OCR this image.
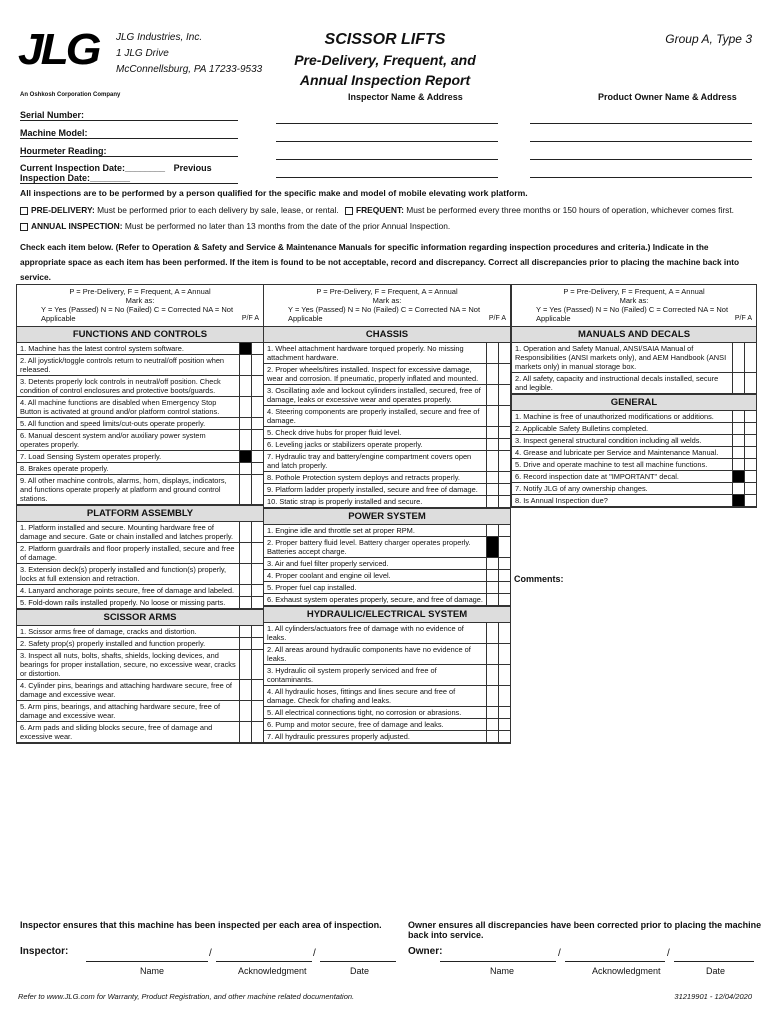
JLG
An Oshkosh Corporation Company
JLG Industries, Inc.
1 JLG Drive
McConnellsburg, PA 17233-9533
SCISSOR LIFTS
Pre-Delivery, Frequent, and Annual Inspection Report
Group A, Type 3
Inspector Name & Address	Product Owner Name & Address
Serial Number:
Machine Model:
Hourmeter Reading:
Current Inspection Date:________ Previous Inspection Date:________
All inspections are to be performed by a person qualified for the specific make and model of mobile elevating work platform.
PRE-DELIVERY: Must be performed prior to each delivery by sale, lease, or rental. FREQUENT: Must be performed every three months or 150 hours of operation, whichever comes first.
ANNUAL INSPECTION: Must be performed no later than 13 months from the date of the prior Annual Inspection.
Check each item below. (Refer to Operation & Safety and Service & Maintenance Manuals for specific information regarding inspection procedures and criteria.) Indicate in the appropriate space as each item has been performed. If the item is found to be not acceptable, record and discrepancy. Correct all discrepancies prior to placing the machine back into service.
P = Pre-Delivery, F = Frequent, A = Annual
Mark as:
Y = Yes (Passed) N = No (Failed) C = Corrected NA = Not Applicable	P/F A
FUNCTIONS AND CONTROLS
1. Machine has the latest control system software.
2. All joystick/toggle controls return to neutral/off position when released.
3. Detents properly lock controls in neutral/off position. Check condition of control enclosures and protective boots/guards.
4. All machine functions are disabled when Emergency Stop Button is activated at ground and/or platform control stations.
5. All function and speed limits/cut-outs operate properly.
6. Manual descent system and/or auxiliary power system operates properly.
7. Load Sensing System operates properly.
8. Brakes operate properly.
9. All other machine controls, alarms, horn, displays, indicators, and functions operate properly at platform and ground control stations.
PLATFORM ASSEMBLY
1. Platform installed and secure. Mounting hardware free of damage and secure. Gate or chain installed and latches properly.
2. Platform guardrails and floor properly installed, secure and free of damage.
3. Extension deck(s) properly installed and function(s) properly, locks at full extension and retraction.
4. Lanyard anchorage points secure, free of damage and labeled.
5. Fold-down rails installed properly. No loose or missing parts.
SCISSOR ARMS
1. Scissor arms free of damage, cracks and distortion.
2. Safety prop(s) properly installed and function properly.
3. Inspect all nuts, bolts, shafts, shields, locking devices, and bearings for proper installation, secure, no excessive wear, cracks or distortion.
4. Cylinder pins, bearings and attaching hardware secure, free of damage and excessive wear.
5. Arm pins, bearings, and attaching hardware secure, free of damage and excessive wear.
6. Arm pads and sliding blocks secure, free of damage and excessive wear.
P = Pre-Delivery, F = Frequent, A = Annual
Mark as:
Y = Yes (Passed) N = No (Failed) C = Corrected NA = Not Applicable	P/F A
CHASSIS
1. Wheel attachment hardware torqued properly. No missing attachment hardware.
2. Proper wheels/tires installed. Inspect for excessive damage, wear and corrosion. If pneumatic, properly inflated and mounted.
3. Oscillating axle and lockout cylinders installed, secured, free of damage, leaks or excessive wear and operates properly.
4. Steering components are properly installed, secure and free of damage.
5. Check drive hubs for proper fluid level.
6. Leveling jacks or stabilizers operate properly.
7. Hydraulic tray and battery/engine compartment covers open and latch properly.
8. Pothole Protection system deploys and retracts properly.
9. Platform ladder properly installed, secure and free of damage.
10. Static strap is properly installed and secure.
POWER SYSTEM
1. Engine idle and throttle set at proper RPM.
2. Proper battery fluid level. Battery charger operates properly. Batteries accept charge.
3. Air and fuel filter properly serviced.
4. Proper coolant and engine oil level.
5. Proper fuel cap installed.
6. Exhaust system operates properly, secure, and free of damage.
HYDRAULIC/ELECTRICAL SYSTEM
1. All cylinders/actuators free of damage with no evidence of leaks.
2. All areas around hydraulic components have no evidence of leaks.
3. Hydraulic oil system properly serviced and free of contaminants.
4. All hydraulic hoses, fittings and lines secure and free of damage. Check for chafing and leaks.
5. All electrical connections tight, no corrosion or abrasions.
6. Pump and motor secure, free of damage and leaks.
7. All hydraulic pressures properly adjusted.
P = Pre-Delivery, F = Frequent, A = Annual
Mark as:
Y = Yes (Passed) N = No (Failed) C = Corrected NA = Not Applicable	P/F A
MANUALS AND DECALS
1. Operation and Safety Manual, ANSI/SAIA Manual of Responsibilities (ANSI markets only), and AEM Handbook (ANSI markets only) in manual storage box.
2. All safety, capacity and instructional decals installed, secure and legible.
GENERAL
1. Machine is free of unauthorized modifications or additions.
2. Applicable Safety Bulletins completed.
3. Inspect general structural condition including all welds.
4. Grease and lubricate per Service and Maintenance Manual.
5. Drive and operate machine to test all machine functions.
6. Record inspection date at "IMPORTANT" decal.
7. Notify JLG of any ownership changes.
8. Is Annual Inspection due?
Comments:
Inspector ensures that this machine has been inspected per each area of inspection.	Owner ensures all discrepancies have been corrected prior to placing the machine back into service.
Inspector:	/	/
Name	Acknowledgment	Date
Owner:	/	/
Name	Acknowledgment	Date
Refer to www.JLG.com for Warranty, Product Registration, and other machine related documentation.	31219901 - 12/04/2020
